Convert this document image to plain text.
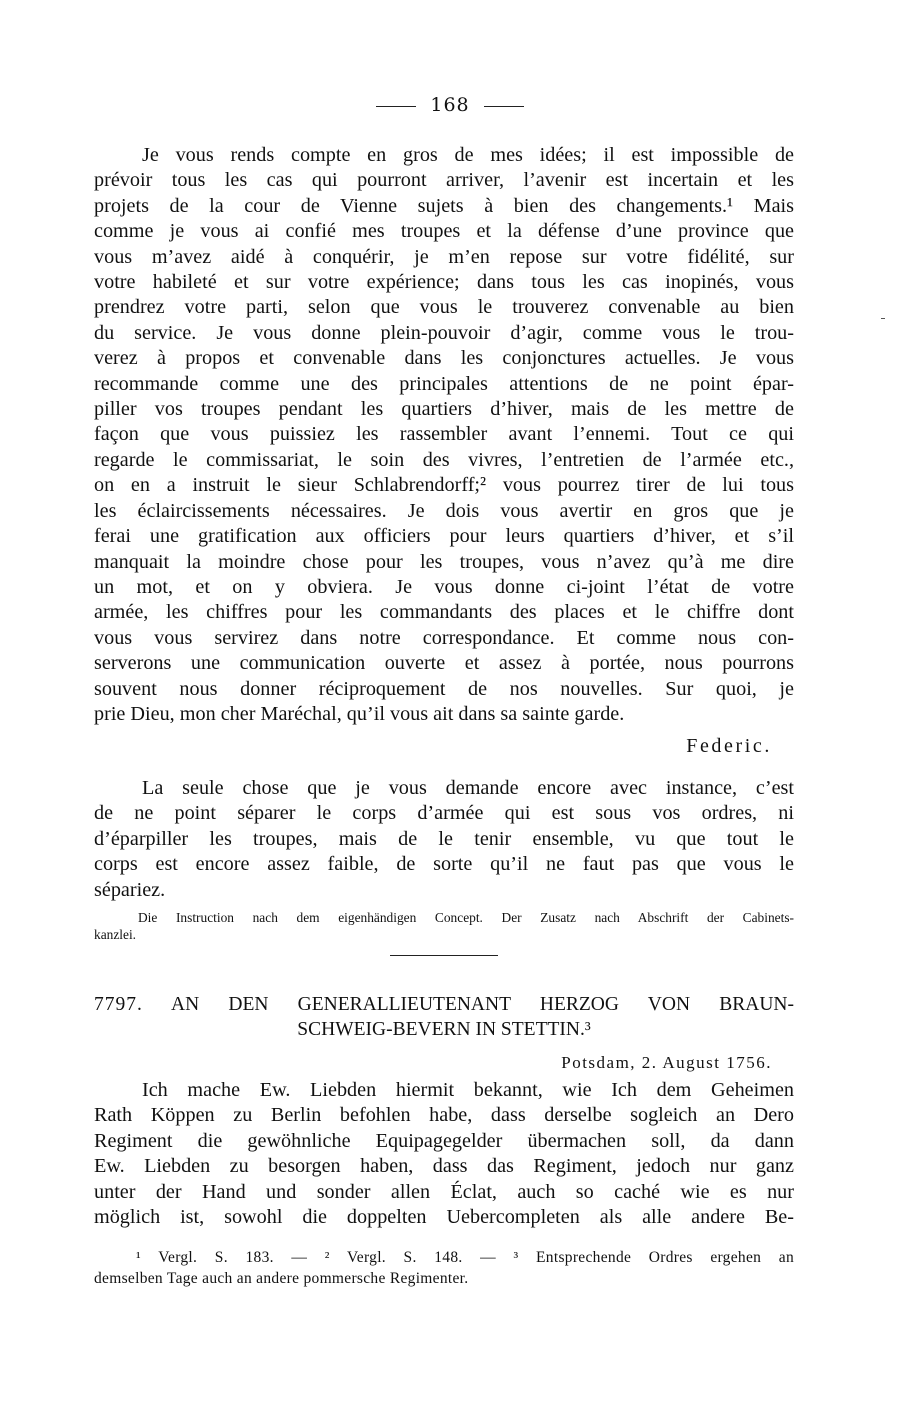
168
Je vous rends compte en gros de mes idées; il est impossible de
prévoir tous les cas qui pourront arriver, l’avenir est incertain et les
projets de la cour de Vienne sujets à bien des changements.¹ Mais
comme je vous ai confié mes troupes et la défense d’une province que
vous m’avez aidé à conquérir, je m’en repose sur votre fidélité, sur
votre habileté et sur votre expérience; dans tous les cas inopinés, vous
prendrez votre parti, selon que vous le trouverez convenable au bien
du service. Je vous donne plein-pouvoir d’agir, comme vous le trou-
verez à propos et convenable dans les conjonctures actuelles. Je vous
recommande comme une des principales attentions de ne point épar-
piller vos troupes pendant les quartiers d’hiver, mais de les mettre de
façon que vous puissiez les rassembler avant l’ennemi. Tout ce qui
regarde le commissariat, le soin des vivres, l’entretien de l’armée etc.,
on en a instruit le sieur Schlabrendorff;² vous pourrez tirer de lui tous
les éclaircissements nécessaires. Je dois vous avertir en gros que je
ferai une gratification aux officiers pour leurs quartiers d’hiver, et s’il
manquait la moindre chose pour les troupes, vous n’avez qu’à me dire
un mot, et on y obviera. Je vous donne ci-joint l’état de votre
armée, les chiffres pour les commandants des places et le chiffre dont
vous vous servirez dans notre correspondance. Et comme nous con-
serverons une communication ouverte et assez à portée, nous pourrons
souvent nous donner réciproquement de nos nouvelles. Sur quoi, je
prie Dieu, mon cher Maréchal, qu’il vous ait dans sa sainte garde.
Federic.
La seule chose que je vous demande encore avec instance, c’est
de ne point séparer le corps d’armée qui est sous vos ordres, ni
d’éparpiller les troupes, mais de le tenir ensemble, vu que tout le
corps est encore assez faible, de sorte qu’il ne faut pas que vous le
sépariez.
Die Instruction nach dem eigenhändigen Concept. Der Zusatz nach Abschrift der Cabinets-
kanzlei.
7797. AN DEN GENERALLIEUTENANT HERZOG VON BRAUN-
SCHWEIG-BEVERN IN STETTIN.³
Potsdam, 2. August 1756.
Ich mache Ew. Liebden hiermit bekannt, wie Ich dem Geheimen
Rath Köppen zu Berlin befohlen habe, dass derselbe sogleich an Dero
Regiment die gewöhnliche Equipagegelder übermachen soll, da dann
Ew. Liebden zu besorgen haben, dass das Regiment, jedoch nur ganz
unter der Hand und sonder allen Éclat, auch so caché wie es nur
möglich ist, sowohl die doppelten Uebercompleten als alle andere Be-
¹ Vergl. S. 183. — ² Vergl. S. 148. — ³ Entsprechende Ordres ergehen an
demselben Tage auch an andere pommersche Regimenter.
